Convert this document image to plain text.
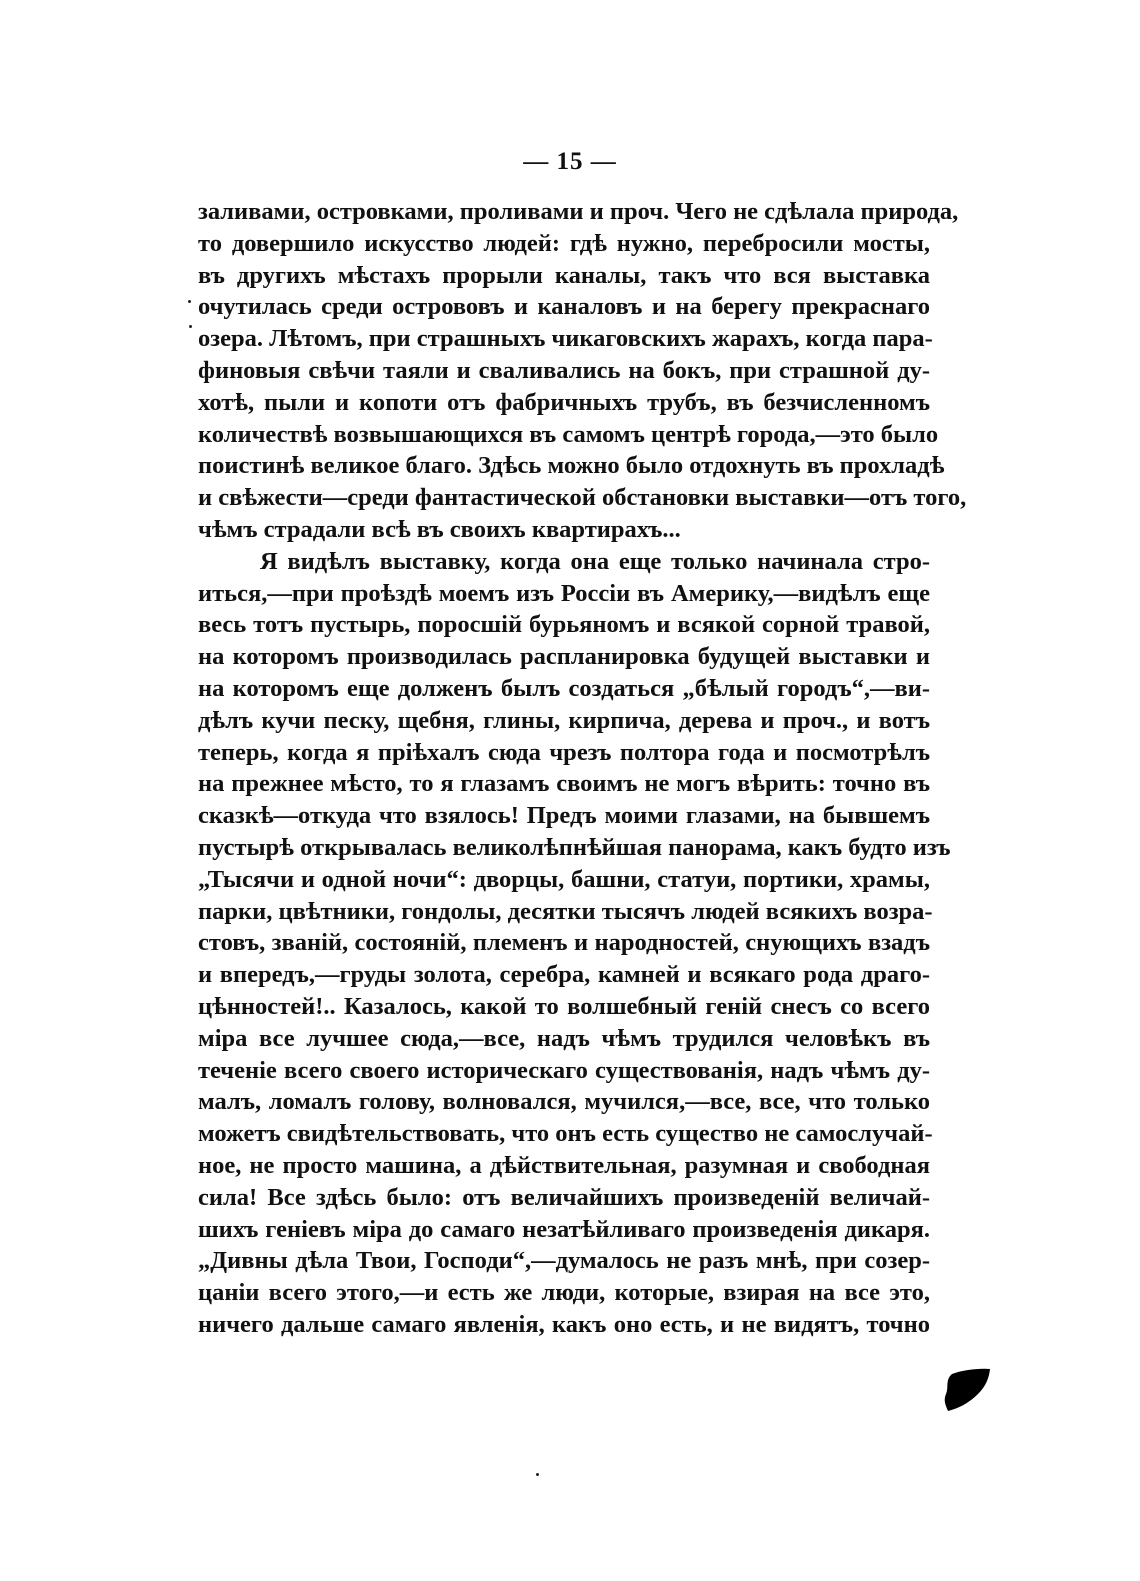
— 15 —
заливами, островками, проливами и проч. Чего не сдѣлала природа,
то довершило искусство людей: гдѣ нужно, перебросили мосты,
въ другихъ мѣстахъ прорыли каналы, такъ что вся выставка
очутилась среди острововъ и каналовъ и на берегу прекраснаго
озера. Лѣтомъ, при страшныхъ чикаговскихъ жарахъ, когда пара-
финовыя свѣчи таяли и сваливались на бокъ, при страшной ду-
хотѣ, пыли и копоти отъ фабричныхъ трубъ, въ безчисленномъ
количествѣ возвышающихся въ самомъ центрѣ города,—это было
поистинѣ великое благо. Здѣсь можно было отдохнуть въ прохладѣ
и свѣжести—среди фантастической обстановки выставки—отъ того,
чѣмъ страдали всѣ въ своихъ квартирахъ...
Я видѣлъ выставку, когда она еще только начинала стро-
иться,—при проѣздѣ моемъ изъ Россіи въ Америку,—видѣлъ еще
весь тотъ пустырь, поросшій бурьяномъ и всякой сорной травой,
на которомъ производилась распланировка будущей выставки и
на которомъ еще долженъ былъ создаться „бѣлый городъ“,—ви-
дѣлъ кучи песку, щебня, глины, кирпича, дерева и проч., и вотъ
теперь, когда я пріѣхалъ сюда чрезъ полтора года и посмотрѣлъ
на прежнее мѣсто, то я глазамъ своимъ не могъ вѣрить: точно въ
сказкѣ—откуда что взялось! Предъ моими глазами, на бывшемъ
пустырѣ открывалась великолѣпнѣйшая панорама, какъ будто изъ
„Тысячи и одной ночи“: дворцы, башни, статуи, портики, храмы,
парки, цвѣтники, гондолы, десятки тысячъ людей всякихъ возра-
стовъ, званій, состояній, племенъ и народностей, снующихъ взадъ
и впередъ,—груды золота, серебра, камней и всякаго рода драго-
цѣнностей!.. Казалось, какой то волшебный геній снесъ со всего
міра все лучшее сюда,—все, надъ чѣмъ трудился человѣкъ въ
теченіе всего своего историческаго существованія, надъ чѣмъ ду-
малъ, ломалъ голову, волновался, мучился,—все, все, что только
можетъ свидѣтельствовать, что онъ есть существо не самослучай-
ное, не просто машина, а дѣйствительная, разумная и свободная
сила! Все здѣсь было: отъ величайшихъ произведеній величай-
шихъ геніевъ міра до самаго незатѣйливаго произведенія дикаря.
„Дивны дѣла Твои, Господи“,—думалось не разъ мнѣ, при созер-
цаніи всего этого,—и есть же люди, которые, взирая на все это,
ничего дальше самаго явленія, какъ оно есть, и не видятъ, точно
